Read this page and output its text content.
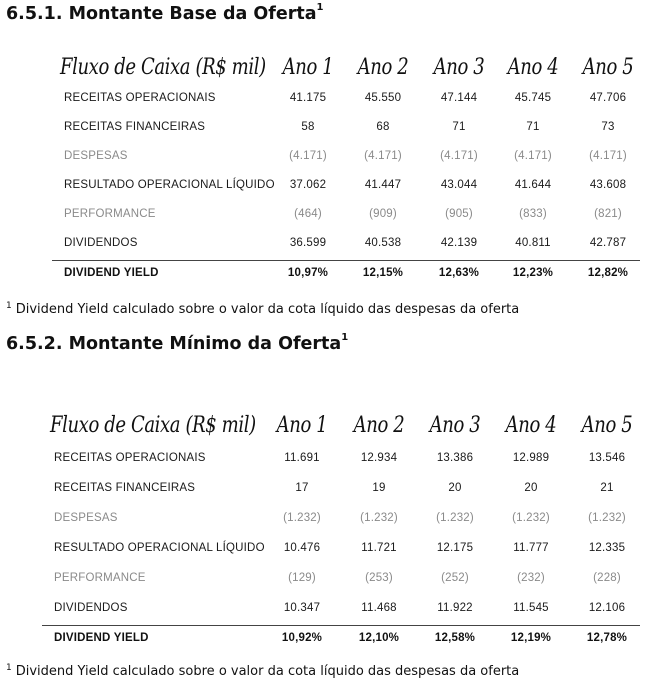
6.5.1. Montante Base da Oferta$^1$
Fluxo de Caixa (R$ mil) Ano 1	Ano 2	Ano 3	Ano 4	Ano 5
RECEITAS OPERACIONAIS	41.175	45.550	47.144	45.745	47.706
RECEITAS FINANCEIRAS	58	68	71	71	73
DESPESAS	(4.171)	(4.171)	(4.171)	(4.171)	(4.171)
RESULTADO OPERACIONAL LÍQUIDO	37.062	41.447	43.044	41.644	43.608
PERFORMANCE	(464)	(909)	(905)	(833)	(821)
DIVIDENDOS	36.599	40.538	42.139	40.811	42.787
DIVIDEND YIELD	10,97%	12,15%	12,63%	12,23%	12,82%
$^1$ Dividend Yield calculado sobre o valor da cota líquido das despesas da oferta
6.5.2. Montante Mínimo da Oferta$^1$
Fluxo de Caixa (R$ mil) Ano 1	Ano 2	Ano 3	Ano 4	Ano 5
RECEITAS OPERACIONAIS	11.691	12.934	13.386	12.989	13.546
RECEITAS FINANCEIRAS	17	19	20	20	21
DESPESAS	(1.232)	(1.232)	(1.232)	(1.232)	(1.232)
RESULTADO OPERACIONAL LÍQUIDO	10.476	11.721	12.175	11.777	12.335
PERFORMANCE	(129)	(253)	(252)	(232)	(228)
DIVIDENDOS	10.347	11.468	11.922	11.545	12.106
DIVIDEND YIELD	10,92%	12,10%	12,58%	12,19%	12,78%
$^1$ Dividend Yield calculado sobre o valor da cota líquido das despesas da oferta
